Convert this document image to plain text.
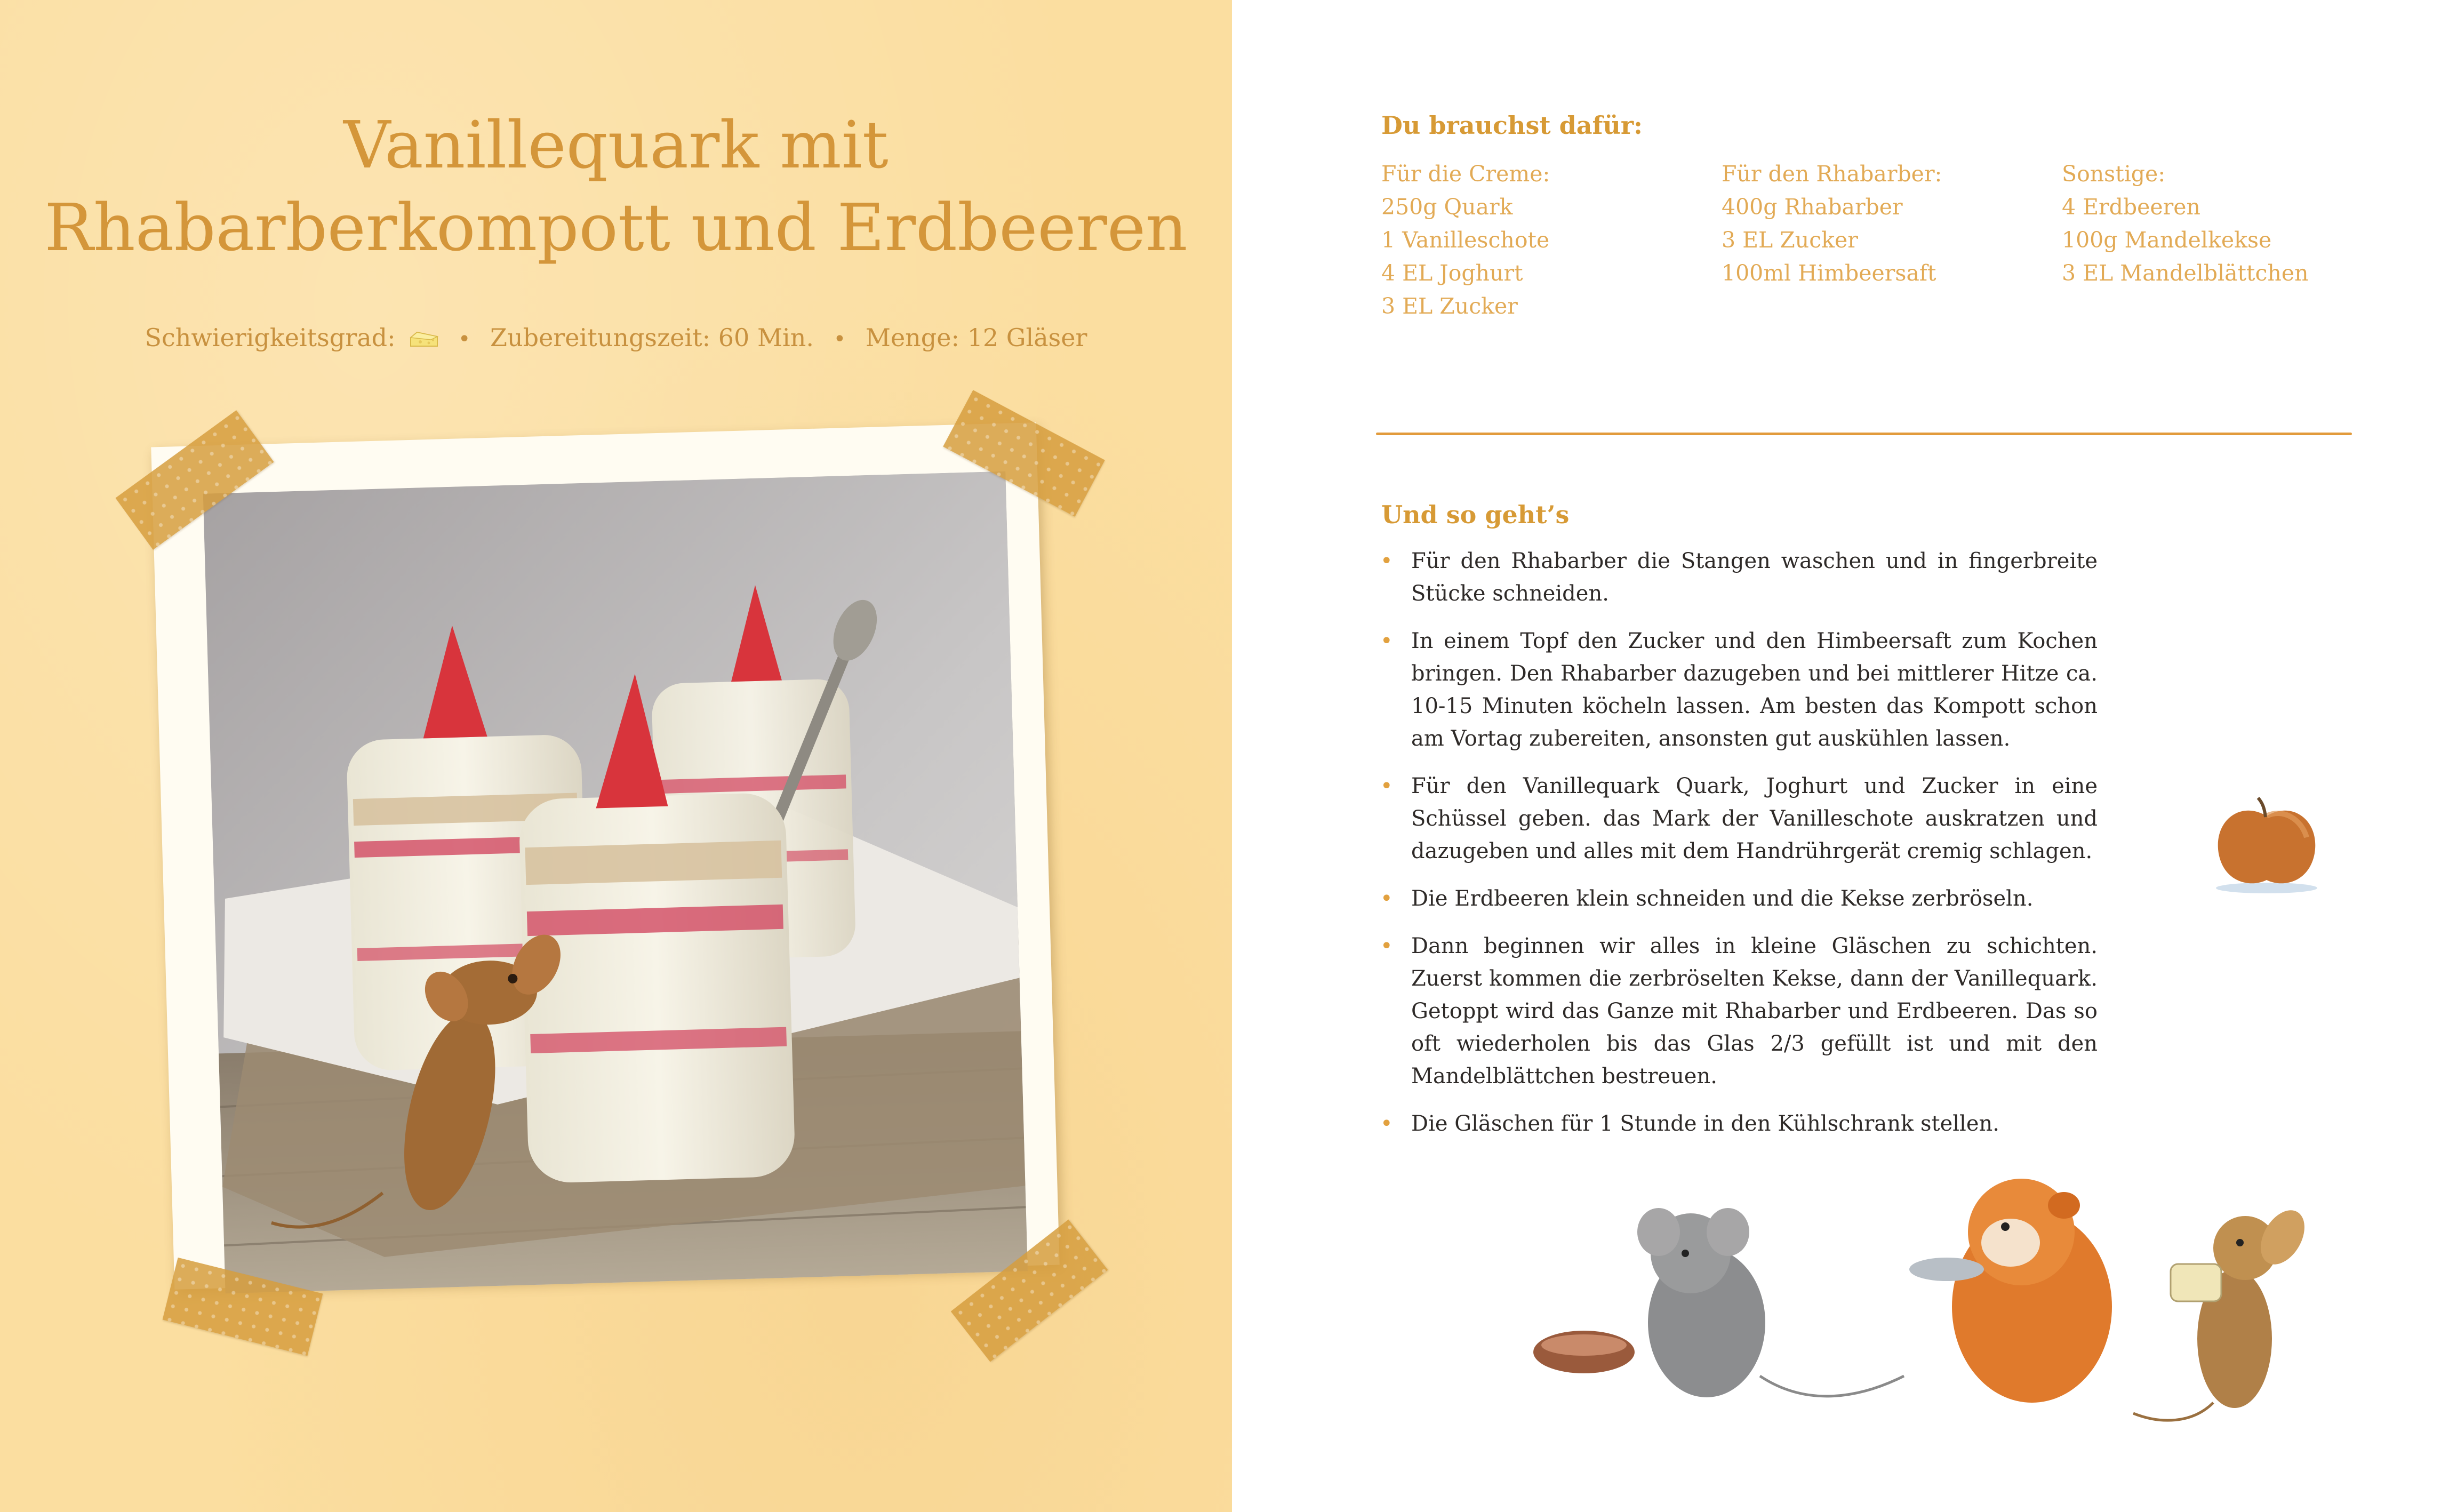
Vanillequark mit
Rhabarberkompott und Erdbeeren
Schwierigkeitsgrad:	• Zubereitungszeit: 60 Min. • Menge: 12 Gläser
Du brauchst dafür:
Für die Creme:
250g Quark
1 Vanilleschote
4 EL Joghurt
3 EL Zucker
Für den Rhabarber:
400g Rhabarber
3 EL Zucker
100ml Himbeersaft
Sonstige:
4 Erdbeeren
100g Mandelkekse
3 EL Mandelblättchen
Und so geht’s
• Für den Rhabarber die Stangen waschen und in fingerbreite Stücke schneiden.
• In einem Topf den Zucker und den Himbeersaft zum Kochen bringen. Den Rhabarber dazugeben und bei mittlerer Hitze ca. 10-15 Minuten köcheln lassen. Am besten das Kompott schon am Vortag zubereiten, ansonsten gut auskühlen lassen.
• Für den Vanillequark Quark, Joghurt und Zucker in eine Schüssel geben. das Mark der Vanilleschote auskratzen und dazugeben und alles mit dem Handrührgerät cremig schlagen.
• Die Erdbeeren klein schneiden und die Kekse zerbröseln.
• Dann beginnen wir alles in kleine Gläschen zu schichten. Zuerst kommen die zerbröselten Kekse, dann der Vanillequark. Getoppt wird das Ganze mit Rhabarber und Erdbeeren. Das so oft wiederholen bis das Glas 2/3 gefüllt ist und mit den Mandelblättchen bestreuen.
• Die Gläschen für 1 Stunde in den Kühlschrank stellen.
